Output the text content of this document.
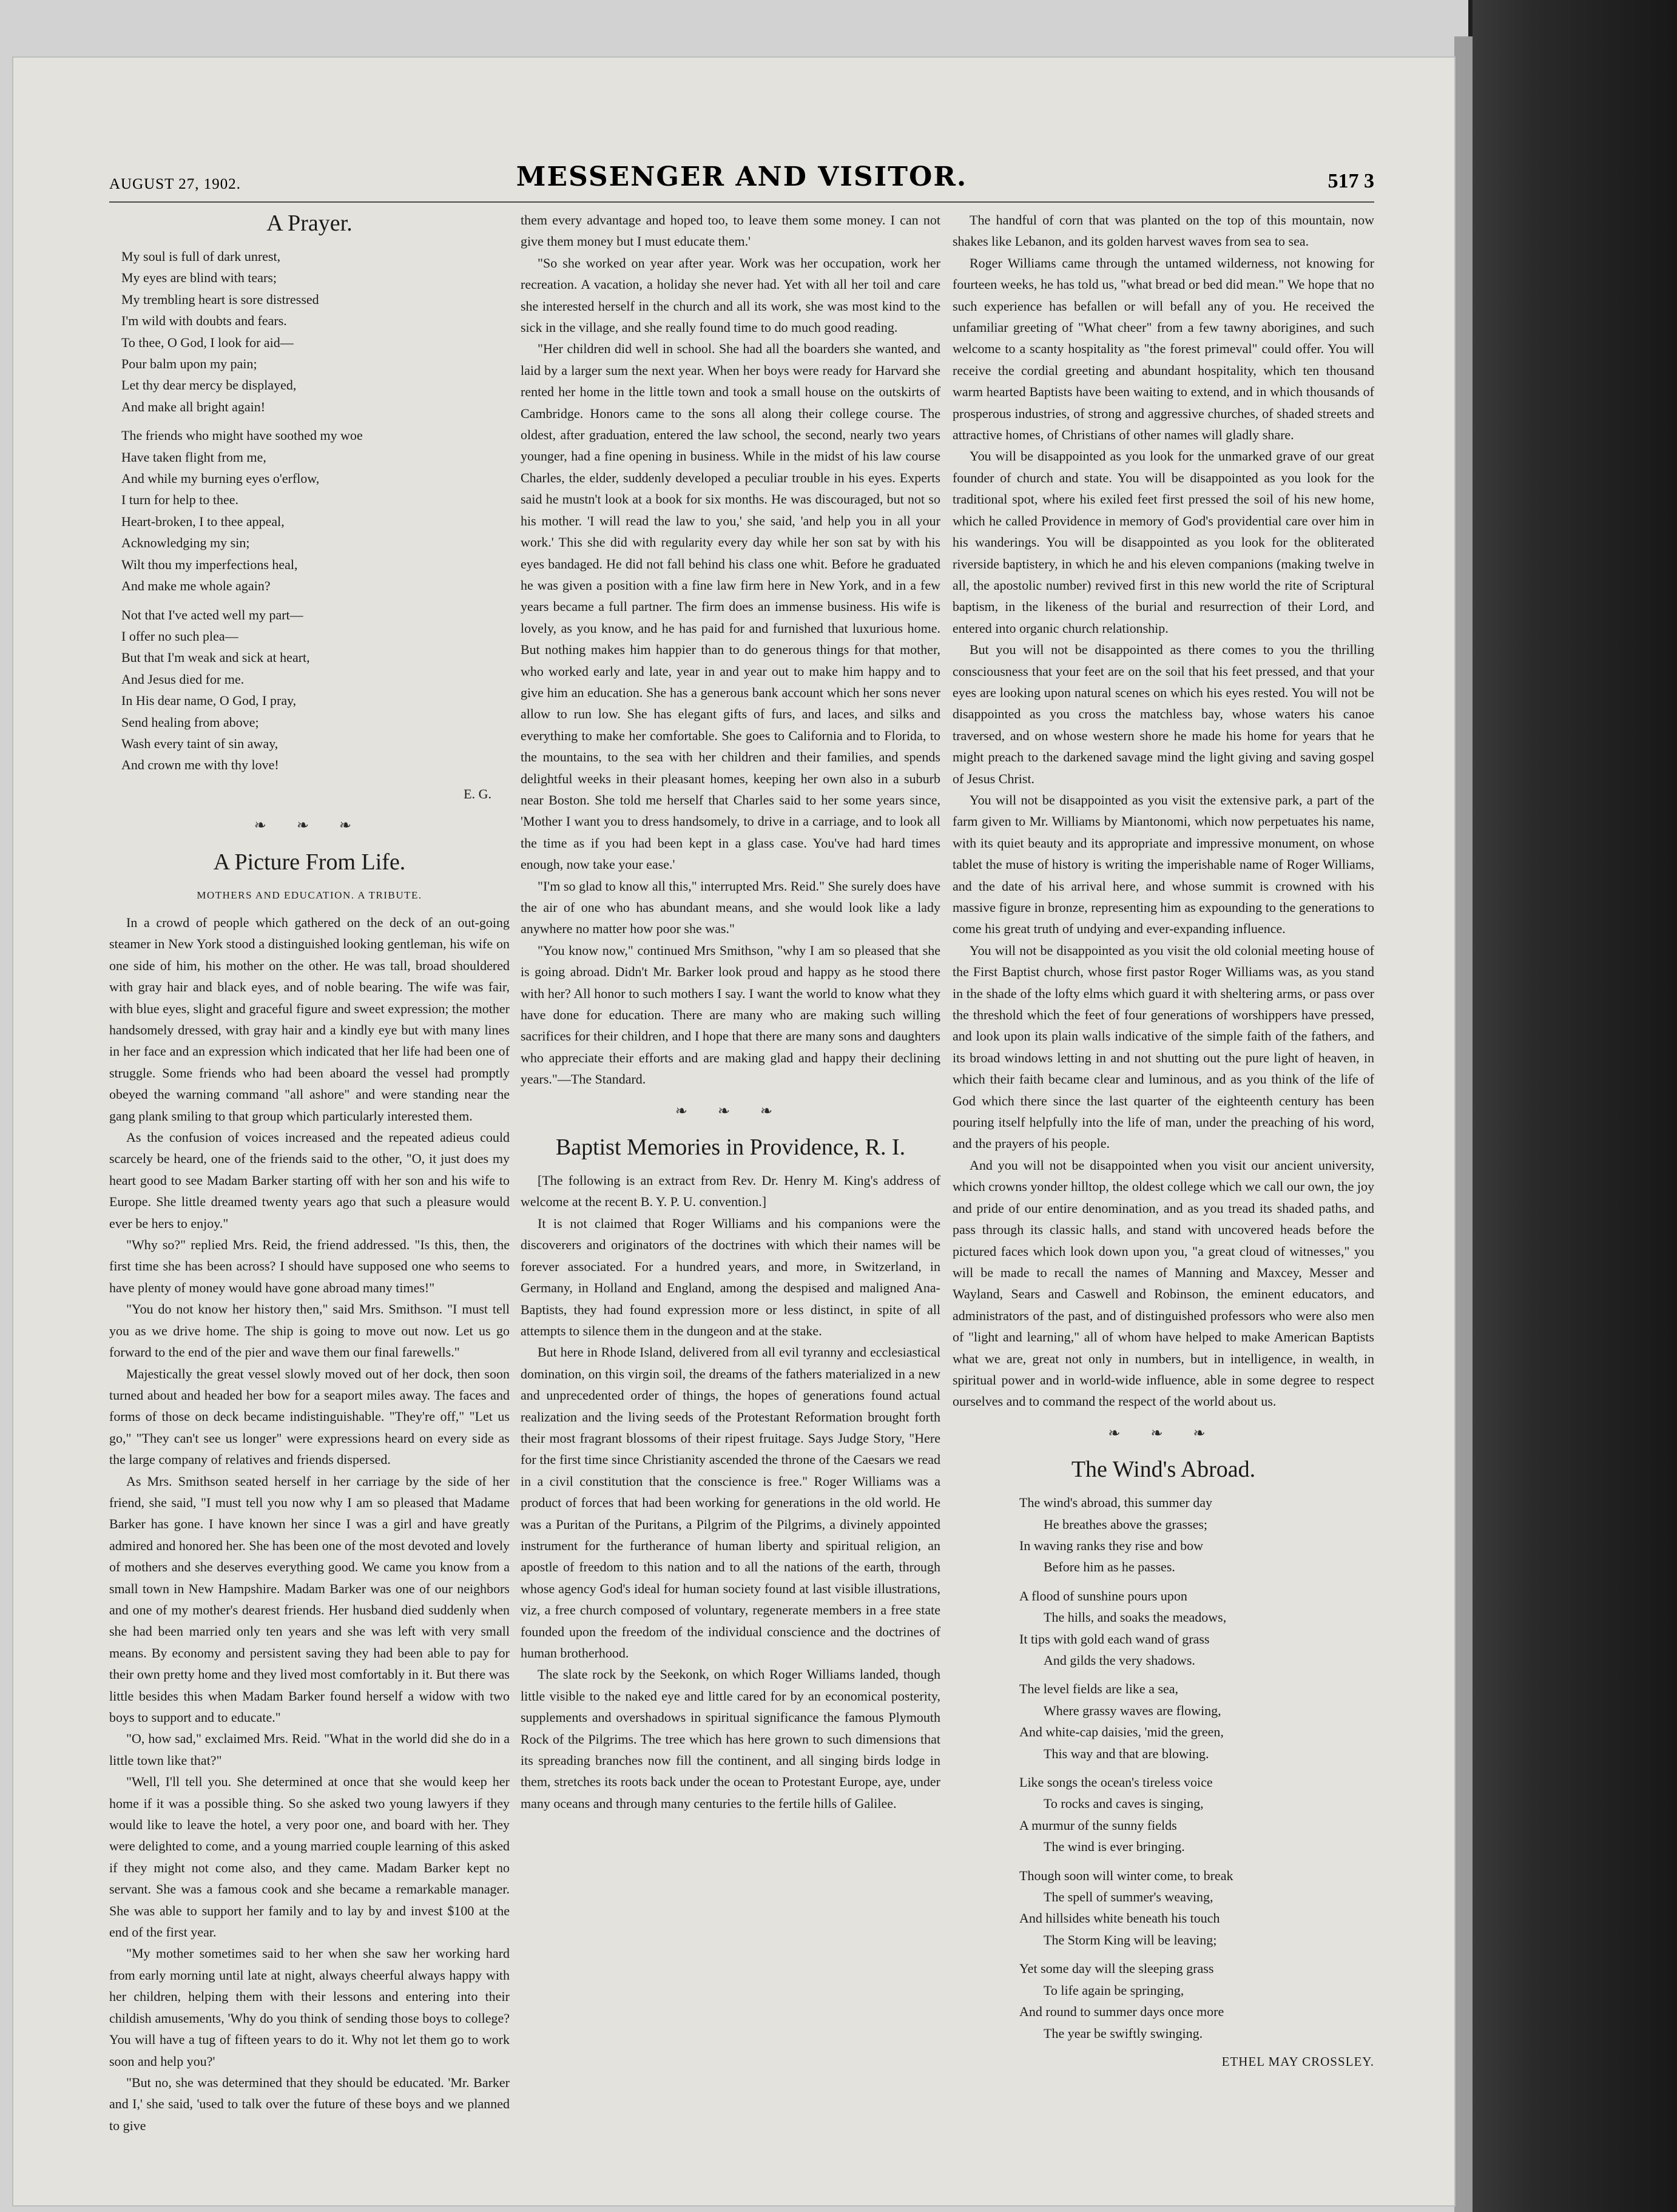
AUGUST 27, 1902.	MESSENGER AND VISITOR.	517 3
A Prayer.
My soul is full of dark unrest,
My eyes are blind with tears;
My trembling heart is sore distressed
I'm wild with doubts and fears.
To thee, O God, I look for aid—
Pour balm upon my pain;
Let thy dear mercy be displayed,
And make all bright again!
The friends who might have soothed my woe
Have taken flight from me,
And while my burning eyes o'erflow,
I turn for help to thee.
Heart-broken, I to thee appeal,
Acknowledging my sin;
Wilt thou my imperfections heal,
And make me whole again?
Not that I've acted well my part—
I offer no such plea—
But that I'm weak and sick at heart,
And Jesus died for me.
In His dear name, O God, I pray,
Send healing from above;
Wash every taint of sin away,
And crown me with thy love!
E. G.
❧ ❧ ❧
A Picture From Life.
MOTHERS AND EDUCATION. A TRIBUTE.

In a crowd of people which gathered on the deck of an out-going steamer in New York stood a distinguished looking gentleman, his wife on one side of him, his mother on the other. He was tall, broad shouldered with gray hair and black eyes, and of noble bearing. The wife was fair, with blue eyes, slight and graceful figure and sweet expression; the mother handsomely dressed, with gray hair and a kindly eye but with many lines in her face and an expression which indicated that her life had been one of struggle. Some friends who had been aboard the vessel had promptly obeyed the warning command "all ashore" and were standing near the gang plank smiling to that group which particularly interested them.

As the confusion of voices increased and the repeated adieus could scarcely be heard, one of the friends said to the other, "O, it just does my heart good to see Madam Barker starting off with her son and his wife to Europe. She little dreamed twenty years ago that such a pleasure would ever be hers to enjoy."

"Why so?" replied Mrs. Reid, the friend addressed. "Is this, then, the first time she has been across? I should have supposed one who seems to have plenty of money would have gone abroad many times!"

"You do not know her history then," said Mrs. Smithson. "I must tell you as we drive home. The ship is going to move out now. Let us go forward to the end of the pier and wave them our final farewells."

Majestically the great vessel slowly moved out of her dock, then soon turned about and headed her bow for a seaport miles away. The faces and forms of those on deck became indistinguishable. "They're off," "Let us go," "They can't see us longer" were expressions heard on every side as the large company of relatives and friends dispersed.

As Mrs. Smithson seated herself in her carriage by the side of her friend, she said, "I must tell you now why I am so pleased that Madame Barker has gone. I have known her since I was a girl and have greatly admired and honored her. She has been one of the most devoted and lovely of mothers and she deserves everything good. We came you know from a small town in New Hampshire. Madam Barker was one of our neighbors and one of my mother's dearest friends. Her husband died suddenly when she had been married only ten years and she was left with very small means. By economy and persistent saving they had been able to pay for their own pretty home and they lived most comfortably in it. But there was little besides this when Madam Barker found herself a widow with two boys to support and to educate."

"O, how sad," exclaimed Mrs. Reid. "What in the world did she do in a little town like that?"

"Well, I'll tell you. She determined at once that she would keep her home if it was a possible thing. So she asked two young lawyers if they would like to leave the hotel, a very poor one, and board with her. They were delighted to come, and a young married couple learning of this asked if they might not come also, and they came. Madam Barker kept no servant. She was a famous cook and she became a remarkable manager. She was able to support her family and to lay by and invest $100 at the end of the first year.

"My mother sometimes said to her when she saw her working hard from early morning until late at night, always cheerful always happy with her children, helping them with their lessons and entering into their childish amusements, 'Why do you think of sending those boys to college? You will have a tug of fifteen years to do it. Why not let them go to work soon and help you?'

"But no, she was determined that they should be educated. 'Mr. Barker and I,' she said, 'used to talk over the future of these boys and we planned to give

them every advantage and hoped too, to leave them some money. I can not give them money but I must educate them.'

"So she worked on year after year. Work was her occupation, work her recreation. A vacation, a holiday she never had. Yet with all her toil and care she interested herself in the church and all its work, she was most kind to the sick in the village, and she really found time to do much good reading.

"Her children did well in school. She had all the boarders she wanted, and laid by a larger sum the next year. When her boys were ready for Harvard she rented her home in the little town and took a small house on the outskirts of Cambridge. Honors came to the sons all along their college course. The oldest, after graduation, entered the law school, the second, nearly two years younger, had a fine opening in business. While in the midst of his law course Charles, the elder, suddenly developed a peculiar trouble in his eyes. Experts said he mustn't look at a book for six months. He was discouraged, but not so his mother. 'I will read the law to you,' she said, 'and help you in all your work.' This she did with regularity every day while her son sat by with his eyes bandaged. He did not fall behind his class one whit. Before he graduated he was given a position with a fine law firm here in New York, and in a few years became a full partner. The firm does an immense business. His wife is lovely, as you know, and he has paid for and furnished that luxurious home. But nothing makes him happier than to do generous things for that mother, who worked early and late, year in and year out to make him happy and to give him an education. She has a generous bank account which her sons never allow to run low. She has elegant gifts of furs, and laces, and silks and everything to make her comfortable. She goes to California and to Florida, to the mountains, to the sea with her children and their families, and spends delightful weeks in their pleasant homes, keeping her own also in a suburb near Boston. She told me herself that Charles said to her some years since, 'Mother I want you to dress handsomely, to drive in a carriage, and to look all the time as if you had been kept in a glass case. You've had hard times enough, now take your ease.'

"I'm so glad to know all this," interrupted Mrs. Reid." She surely does have the air of one who has abundant means, and she would look like a lady anywhere no matter how poor she was."

"You know now," continued Mrs Smithson, "why I am so pleased that she is going abroad. Didn't Mr. Barker look proud and happy as he stood there with her? All honor to such mothers I say. I want the world to know what they have done for education. There are many who are making such willing sacrifices for their children, and I hope that there are many sons and daughters who appreciate their efforts and are making glad and happy their declining years."—The Standard.

❧ ❧ ❧
Baptist Memories in Providence, R. I.

[The following is an extract from Rev. Dr. Henry M. King's address of welcome at the recent B. Y. P. U. convention.]

It is not claimed that Roger Williams and his companions were the discoverers and originators of the doctrines with which their names will be forever associated. For a hundred years, and more, in Switzerland, in Germany, in Holland and England, among the despised and maligned Ana-Baptists, they had found expression more or less distinct, in spite of all attempts to silence them in the dungeon and at the stake.

But here in Rhode Island, delivered from all evil tyranny and ecclesiastical domination, on this virgin soil, the dreams of the fathers materialized in a new and unprecedented order of things, the hopes of generations found actual realization and the living seeds of the Protestant Reformation brought forth their most fragrant blossoms of their ripest fruitage. Says Judge Story, "Here for the first time since Christianity ascended the throne of the Caesars we read in a civil constitution that the conscience is free." Roger Williams was a product of forces that had been working for generations in the old world. He was a Puritan of the Puritans, a Pilgrim of the Pilgrims, a divinely appointed instrument for the furtherance of human liberty and spiritual religion, an apostle of freedom to this nation and to all the nations of the earth, through whose agency God's ideal for human society found at last visible illustrations, viz, a free church composed of voluntary, regenerate members in a free state founded upon the freedom of the individual conscience and the doctrines of human brotherhood.

The slate rock by the Seekonk, on which Roger Williams landed, though little visible to the naked eye and little cared for by an economical posterity, supplements and overshadows in spiritual significance the famous Plymouth Rock of the Pilgrims. The tree which has here grown to such dimensions that its spreading branches now fill the continent, and all singing birds lodge in them, stretches its roots back under the ocean to Protestant Europe, aye, under many oceans and through many centuries to the fertile hills of Galilee.

The handful of corn that was planted on the top of this mountain, now shakes like Lebanon, and its golden harvest waves from sea to sea.

Roger Williams came through the untamed wilderness, not knowing for fourteen weeks, he has told us, "what bread or bed did mean." We hope that no such experience has befallen or will befall any of you. He received the unfamiliar greeting of "What cheer" from a few tawny aborigines, and such welcome to a scanty hospitality as "the forest primeval" could offer. You will receive the cordial greeting and abundant hospitality, which ten thousand warm hearted Baptists have been waiting to extend, and in which thousands of prosperous industries, of strong and aggressive churches, of shaded streets and attractive homes, of Christians of other names will gladly share.

You will be disappointed as you look for the unmarked grave of our great founder of church and state. You will be disappointed as you look for the traditional spot, where his exiled feet first pressed the soil of his new home, which he called Providence in memory of God's providential care over him in his wanderings. You will be disappointed as you look for the obliterated riverside baptistery, in which he and his eleven companions (making twelve in all, the apostolic number) revived first in this new world the rite of Scriptural baptism, in the likeness of the burial and resurrection of their Lord, and entered into organic church relationship.

But you will not be disappointed as there comes to you the thrilling consciousness that your feet are on the soil that his feet pressed, and that your eyes are looking upon natural scenes on which his eyes rested. You will not be disappointed as you cross the matchless bay, whose waters his canoe traversed, and on whose western shore he made his home for years that he might preach to the darkened savage mind the light giving and saving gospel of Jesus Christ.

You will not be disappointed as you visit the extensive park, a part of the farm given to Mr. Williams by Miantonomi, which now perpetuates his name, with its quiet beauty and its appropriate and impressive monument, on whose tablet the muse of history is writing the imperishable name of Roger Williams, and the date of his arrival here, and whose summit is crowned with his massive figure in bronze, representing him as expounding to the generations to come his great truth of undying and ever-expanding influence.

You will not be disappointed as you visit the old colonial meeting house of the First Baptist church, whose first pastor Roger Williams was, as you stand in the shade of the lofty elms which guard it with sheltering arms, or pass over the threshold which the feet of four generations of worshippers have pressed, and look upon its plain walls indicative of the simple faith of the fathers, and its broad windows letting in and not shutting out the pure light of heaven, in which their faith became clear and luminous, and as you think of the life of God which there since the last quarter of the eighteenth century has been pouring itself helpfully into the life of man, under the preaching of his word, and the prayers of his people.

And you will not be disappointed when you visit our ancient university, which crowns yonder hilltop, the oldest college which we call our own, the joy and pride of our entire denomination, and as you tread its shaded paths, and pass through its classic halls, and stand with uncovered heads before the pictured faces which look down upon you, "a great cloud of witnesses," you will be made to recall the names of Manning and Maxcey, Messer and Wayland, Sears and Caswell and Robinson, the eminent educators, and administrators of the past, and of distinguished professors who were also men of "light and learning," all of whom have helped to make American Baptists what we are, great not only in numbers, but in intelligence, in wealth, in spiritual power and in world-wide influence, able in some degree to respect ourselves and to command the respect of the world about us.

❧ ❧ ❧
The Wind's Abroad.
The wind's abroad, this summer day
He breathes above the grasses;
In waving ranks they rise and bow
Before him as he passes.
A flood of sunshine pours upon
The hills, and soaks the meadows,
It tips with gold each wand of grass
And gilds the very shadows.
The level fields are like a sea,
Where grassy waves are flowing,
And white-cap daisies, 'mid the green,
This way and that are blowing.
Like songs the ocean's tireless voice
To rocks and caves is singing,
A murmur of the sunny fields
The wind is ever bringing.
Though soon will winter come, to break
The spell of summer's weaving,
And hillsides white beneath his touch
The Storm King will be leaving;
Yet some day will the sleeping grass
To life again be springing,
And round to summer days once more
The year be swiftly swinging.
ETHEL MAY CROSSLEY.
